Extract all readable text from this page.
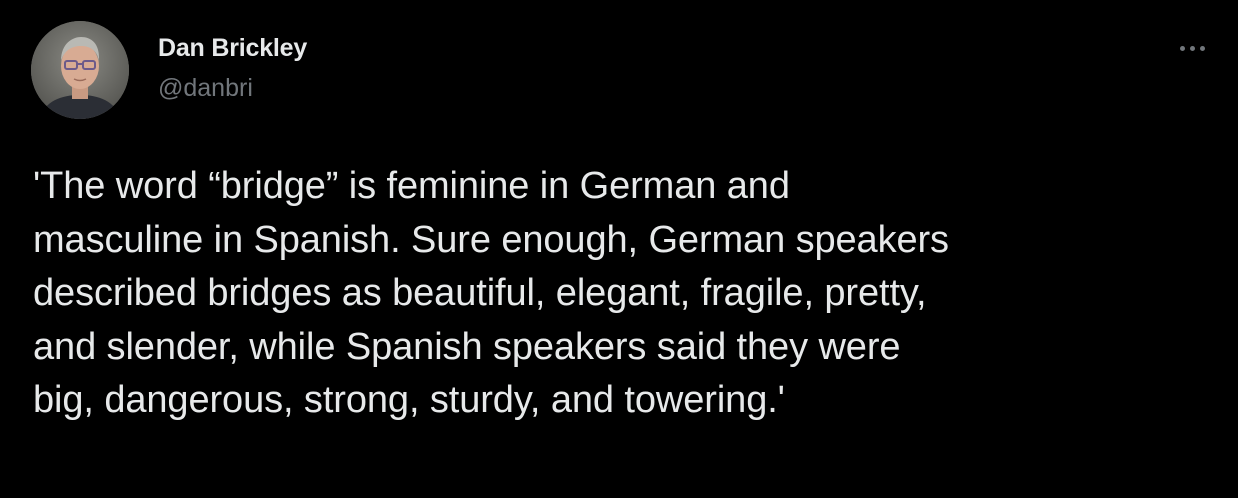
Dan Brickley
@danbri
'The word “bridge” is feminine in German and
masculine in Spanish. Sure enough, German speakers
described bridges as beautiful, elegant, fragile, pretty,
and slender, while Spanish speakers said they were
big, dangerous, strong, sturdy, and towering.'
